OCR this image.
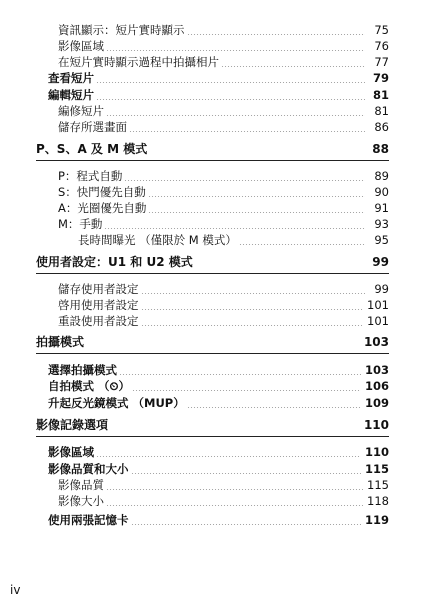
資訊顯示：短片實時顯示	75
影像區域	76
在短片實時顯示過程中拍攝相片	77
查看短片	79
編輯短片	81
編修短片	81
儲存所選畫面	86
P、S、A 及 M 模式	88
P：程式自動	89
S：快門優先自動	90
A：光圈優先自動	91
M：手動	93
長時間曝光 （僅限於 M 模式）	95
使用者設定：U1 和 U2 模式	99
儲存使用者設定	99
啓用使用者設定	101
重設使用者設定	101
拍攝模式	103
選擇拍攝模式	103
自拍模式 （⏲）	106
升起反光鏡模式 （MUP）	109
影像記錄選項	110
影像區域	110
影像品質和大小	115
影像品質	115
影像大小	118
使用兩張記憶卡	119
iv
